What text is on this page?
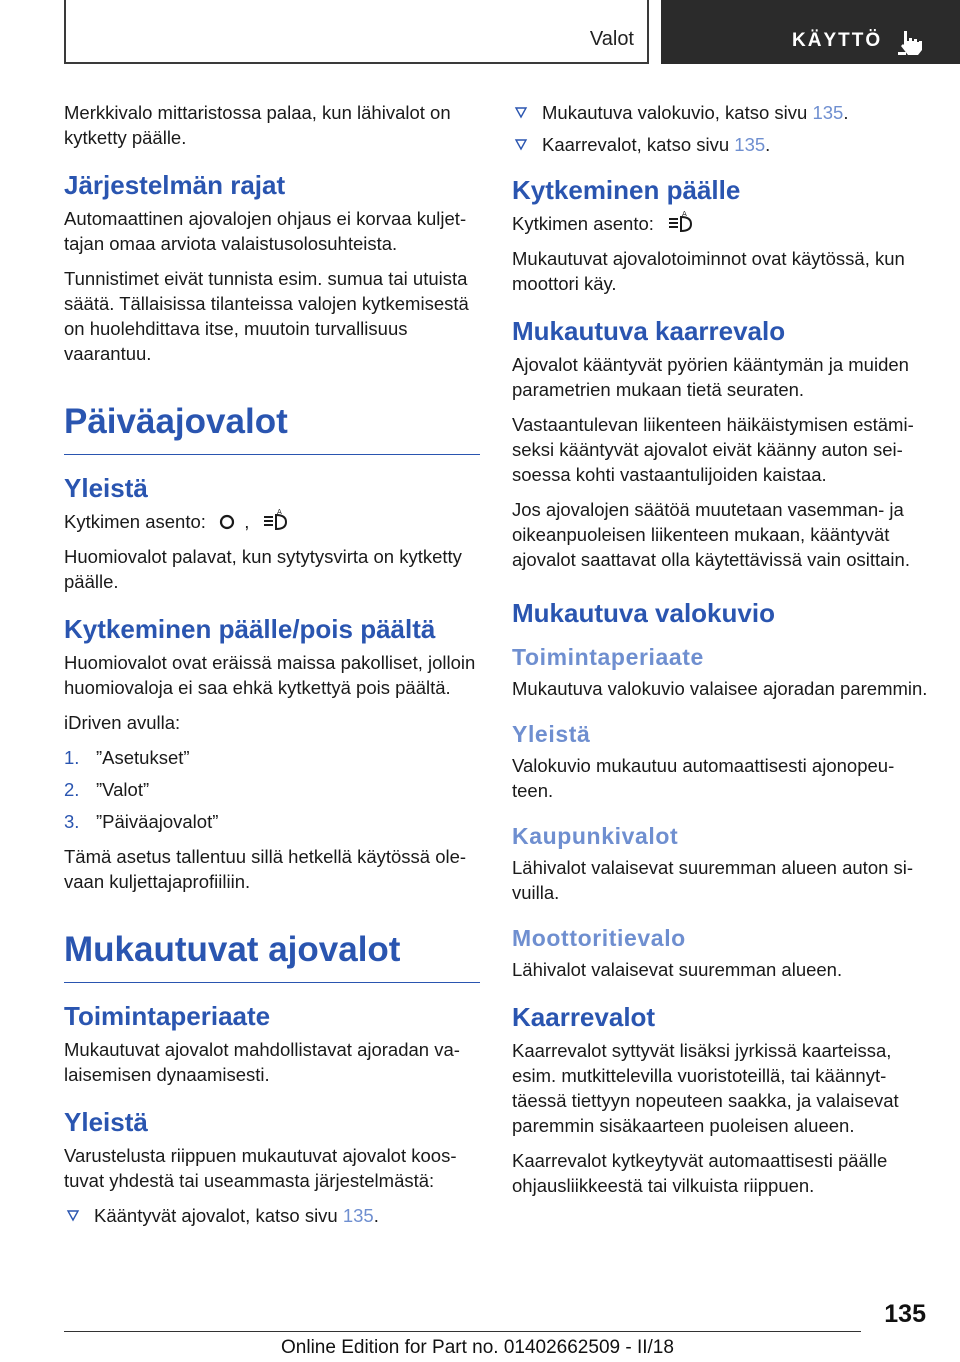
Valot	KÄYTTÖ

Merkkivalo mittaristossa palaa, kun lähivalot on kytketty päälle.

Järjestelmän rajat

Automaattinen ajovalojen ohjaus ei korvaa kuljettajan omaa arviota valaistusolosuhteista.

Tunnistimet eivät tunnista esim. sumua tai utuista säätä. Tällaisissa tilanteissa valojen kytkemisestä on huolehdittava itse, muutoin turvallisuus vaarantuu.

Päiväajovalot
Yleistä

Kytkimen asento: ,	A

Huomiovalot palavat, kun sytytysvirta on kytketty päälle.

Kytkeminen päälle/pois päältä

Huomiovalot ovat eräissä maissa pakolliset, jolloin huomiovaloja ei saa ehkä kytkettyä pois päältä.

iDriven avulla:

1. ”Asetukset”
2. ”Valot”
3. ”Päiväajovalot”

Tämä asetus tallentuu sillä hetkellä käytössä olevaan kuljettajaprofiiliin.

Mukautuvat ajovalot
Toimintaperiaate

Mukautuvat ajovalot mahdollistavat ajoradan valaisemisen dynaamisesti.

Yleistä

Varustelusta riippuen mukautuvat ajovalot koostuvat yhdestä tai useammasta järjestelmästä:

Kääntyvät ajovalot, katso sivu 135.
Mukautuva valokuvio, katso sivu 135.
Kaarrevalot, katso sivu 135.
Kytkeminen päälle

Kytkimen asento:	A

Mukautuvat ajovalotoiminnot ovat käytössä, kun moottori käy.

Mukautuva kaarrevalo

Ajovalot kääntyvät pyörien kääntymän ja muiden parametrien mukaan tietä seuraten.

Vastaantulevan liikenteen häikäistymisen estämiseksi kääntyvät ajovalot eivät käänny auton seisoessa kohti vastaantulijoiden kaistaa.

Jos ajovalojen säätöä muutetaan vasemman- ja oikeanpuoleisen liikenteen mukaan, kääntyvät ajovalot saattavat olla käytettävissä vain osittain.

Mukautuva valokuvio
Toimintaperiaate

Mukautuva valokuvio valaisee ajoradan paremmin.

Yleistä

Valokuvio mukautuu automaattisesti ajonopeuteen.

Kaupunkivalot

Lähivalot valaisevat suuremman alueen auton sivuilla.

Moottoritievalo

Lähivalot valaisevat suuremman alueen.

Kaarrevalot

Kaarrevalot syttyvät lisäksi jyrkissä kaarteissa, esim. mutkittelevilla vuoristoteillä, tai käännyttäessä tiettyyn nopeuteen saakka, ja valaisevat paremmin sisäkaarteen puoleisen alueen.

Kaarrevalot kytkeytyvät automaattisesti päälle ohjausliikkeestä tai vilkuista riippuen.

135
Online Edition for Part no. 01402662509 - II/18
